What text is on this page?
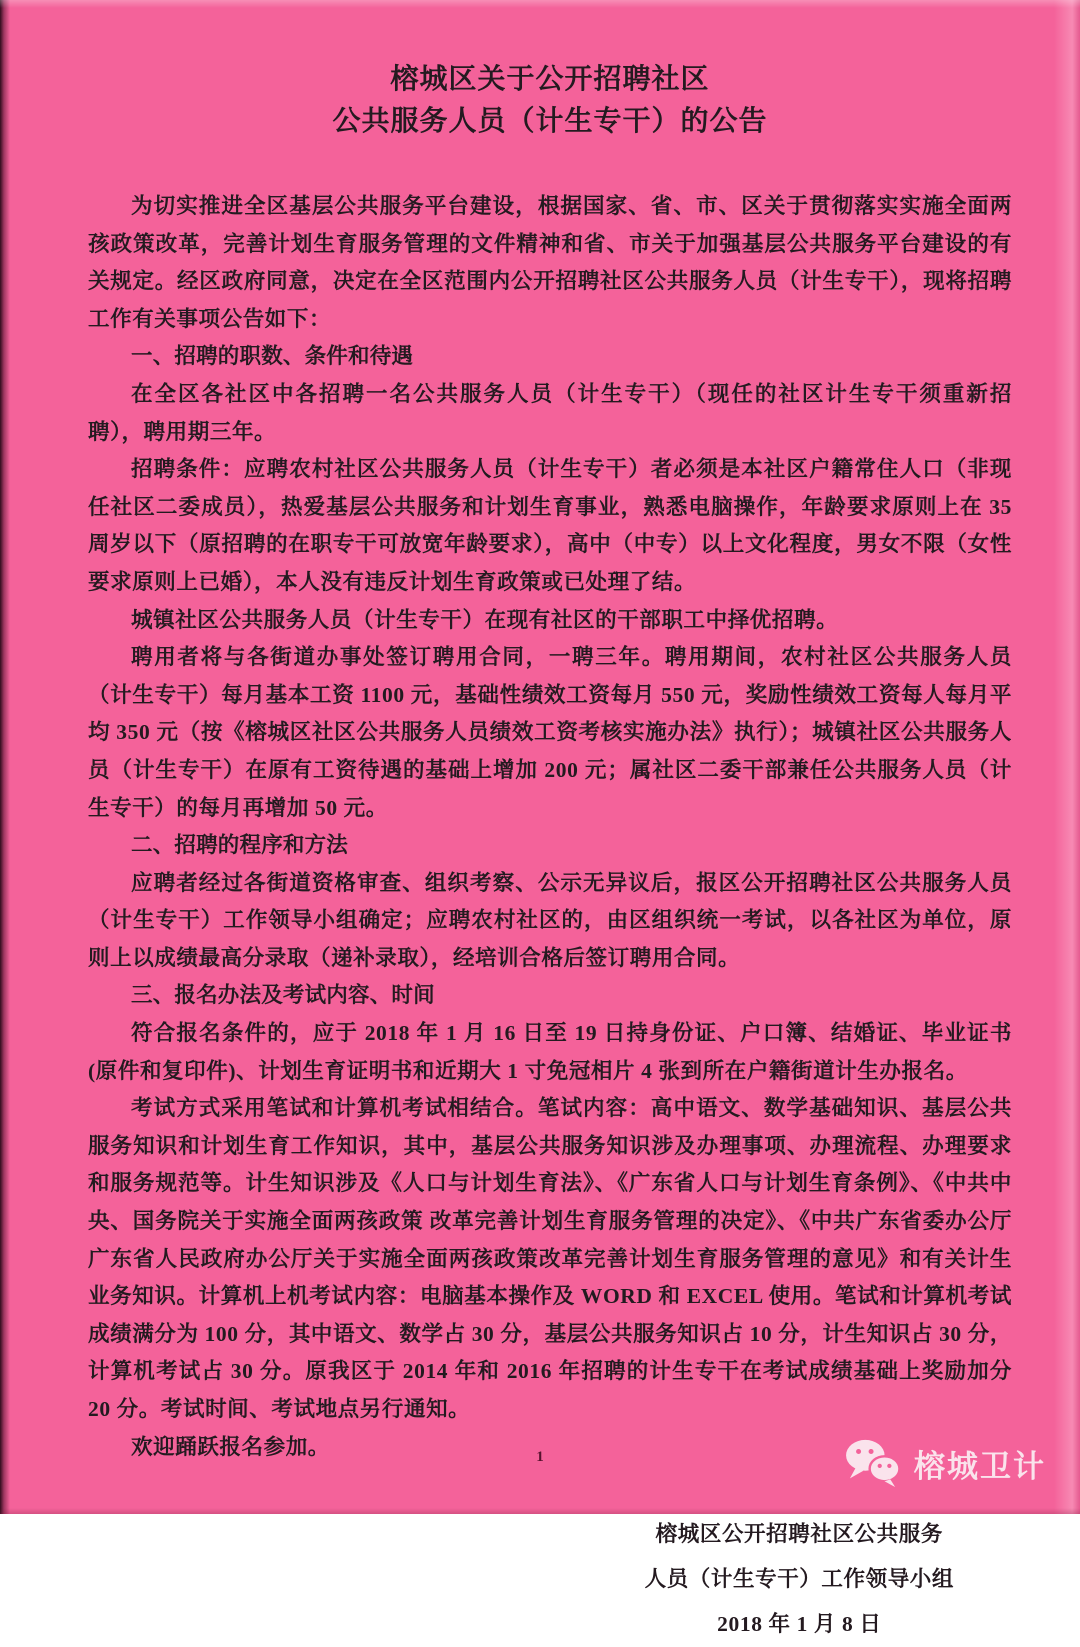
榕城区关于公开招聘社区
公共服务人员（计生专干）的公告

为切实推进全区基层公共服务平台建设，根据国家、省、市、区关于贯彻落实实施全面两孩政策改革，完善计划生育服务管理的文件精神和省、市关于加强基层公共服务平台建设的有关规定。经区政府同意，决定在全区范围内公开招聘社区公共服务人员（计生专干），现将招聘工作有关事项公告如下：

一、招聘的职数、条件和待遇

在全区各社区中各招聘一名公共服务人员（计生专干）（现任的社区计生专干须重新招聘），聘用期三年。

招聘条件：应聘农村社区公共服务人员（计生专干）者必须是本社区户籍常住人口（非现任社区二委成员），热爱基层公共服务和计划生育事业，熟悉电脑操作，年龄要求原则上在 35 周岁以下（原招聘的在职专干可放宽年龄要求），高中（中专）以上文化程度，男女不限（女性要求原则上已婚），本人没有违反计划生育政策或已处理了结。

城镇社区公共服务人员（计生专干）在现有社区的干部职工中择优招聘。

聘用者将与各街道办事处签订聘用合同，一聘三年。聘用期间，农村社区公共服务人员（计生专干）每月基本工资 1100 元，基础性绩效工资每月 550 元，奖励性绩效工资每人每月平均 350 元（按《榕城区社区公共服务人员绩效工资考核实施办法》执行）；城镇社区公共服务人员（计生专干）在原有工资待遇的基础上增加 200 元；属社区二委干部兼任公共服务人员（计生专干）的每月再增加 50 元。

二、招聘的程序和方法

应聘者经过各街道资格审查、组织考察、公示无异议后，报区公开招聘社区公共服务人员（计生专干）工作领导小组确定；应聘农村社区的，由区组织统一考试，以各社区为单位，原则上以成绩最高分录取（递补录取），经培训合格后签订聘用合同。

三、报名办法及考试内容、时间

符合报名条件的，应于 2018 年 1 月 16 日至 19 日持身份证、户口簿、结婚证、毕业证书(原件和复印件)、计划生育证明书和近期大 1 寸免冠相片 4 张到所在户籍街道计生办报名。

考试方式采用笔试和计算机考试相结合。笔试内容：高中语文、数学基础知识、基层公共服务知识和计划生育工作知识，其中，基层公共服务知识涉及办理事项、办理流程、办理要求和服务规范等。计生知识涉及《人口与计划生育法》、《广东省人口与计划生育条例》、《中共中央、国务院关于实施全面两孩政策 改革完善计划生育服务管理的决定》、《中共广东省委办公厅 广东省人民政府办公厅关于实施全面两孩政策改革完善计划生育服务管理的意见》和有关计生业务知识。计算机上机考试内容：电脑基本操作及 WORD 和 EXCEL 使用。笔试和计算机考试成绩满分为 100 分，其中语文、数学占 30 分，基层公共服务知识占 10 分，计生知识占 30 分，计算机考试占 30 分。原我区于 2014 年和 2016 年招聘的计生专干在考试成绩基础上奖励加分 20 分。考试时间、考试地点另行通知。

欢迎踊跃报名参加。

榕城区公开招聘社区公共服务
人员（计生专干）工作领导小组
2018 年 1 月 8 日
1	榕城卫计
